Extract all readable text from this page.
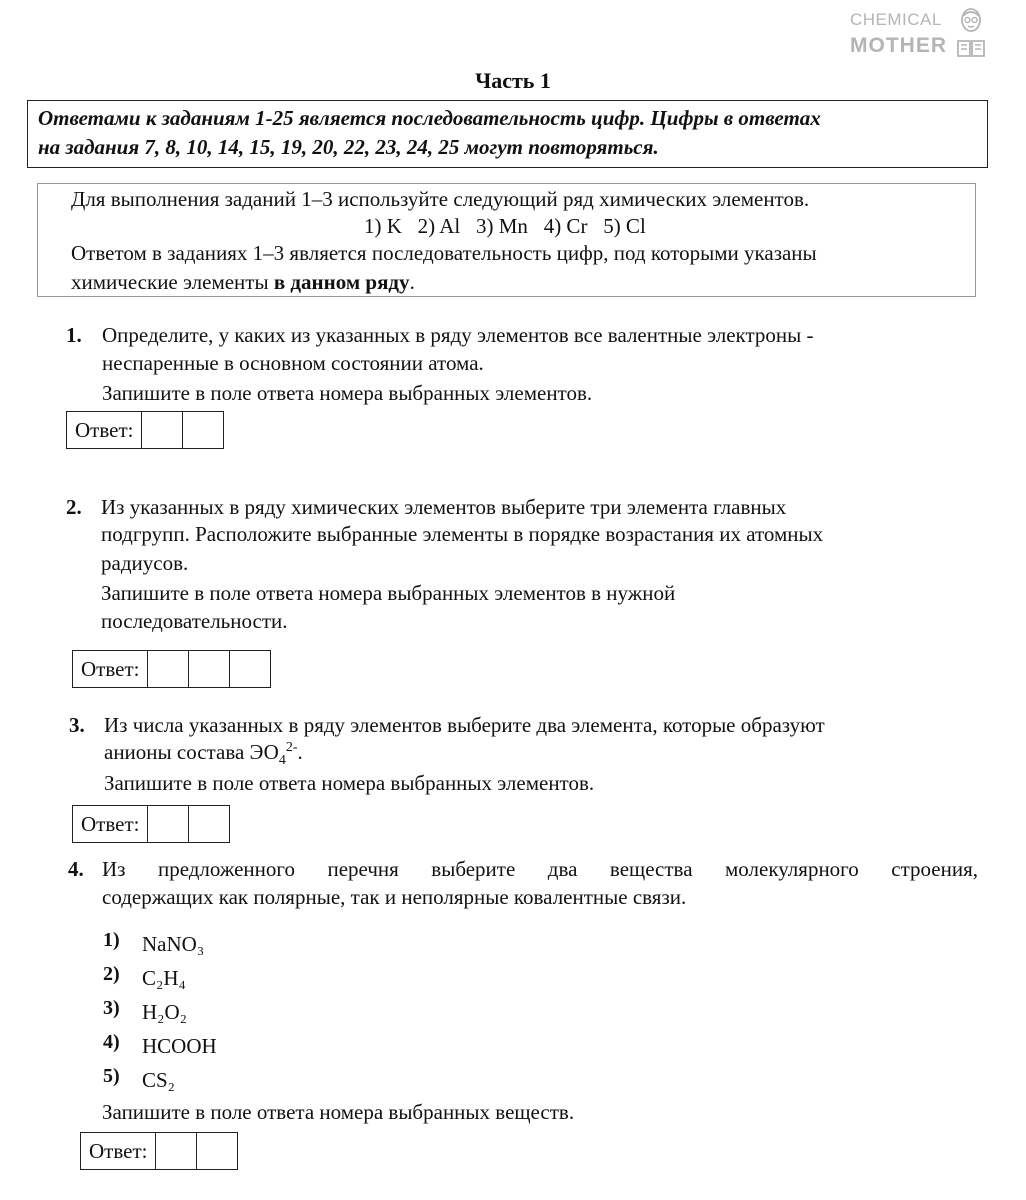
CHEMICAL
MOTHER
Часть 1
Ответами к заданиям 1-25 является последовательность цифр. Цифры в ответах
на задания 7, 8, 10, 14, 15, 19, 20, 22, 23, 24, 25 могут повторяться.
Для выполнения заданий 1–3 используйте следующий ряд химических элементов.
1) K 2) Al 3) Mn 4) Cr 5) Cl
Ответом в заданиях 1–3 является последовательность цифр, под которыми указаны
химические элементы в данном ряду.
1. Определите, у каких из указанных в ряду элементов все валентные электроны -
неспаренные в основном состоянии атома.
Запишите в поле ответа номера выбранных элементов.
Ответ:
2. Из указанных в ряду химических элементов выберите три элемента главных
подгрупп. Расположите выбранные элементы в порядке возрастания их атомных
радиусов.
Запишите в поле ответа номера выбранных элементов в нужной
последовательности.
Ответ:
3. Из числа указанных в ряду элементов выберите два элемента, которые образуют
анионы состава $ЭО_4^{2-}$.
Запишите в поле ответа номера выбранных элементов.
Ответ:
4. Из предложенного перечня выберите два вещества молекулярного строения,
содержащих как полярные, так и неполярные ковалентные связи.
1) NaNO₃
2) C₂H₄
3) H₂O₂
4) HCOOH
5) CS₂
Запишите в поле ответа номера выбранных веществ.
Ответ:
